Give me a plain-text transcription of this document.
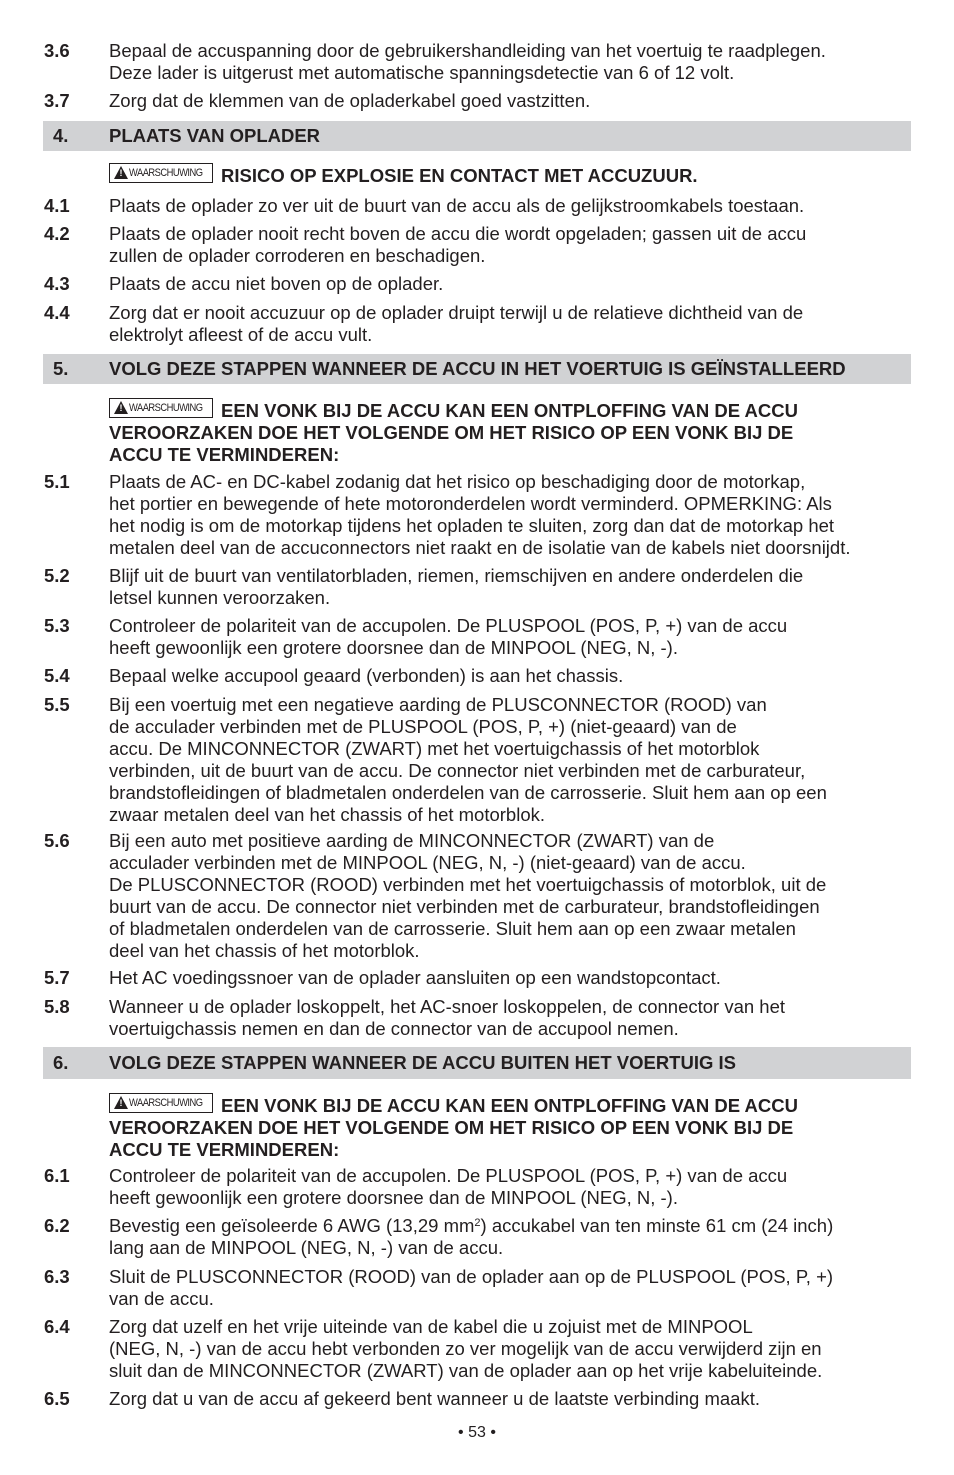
3.6 Bepaal de accuspanning door de gebruikershandleiding van het voertuig te raadplegen.
Deze lader is uitgerust met automatische spanningsdetectie van 6 of 12 volt.
3.7 Zorg dat de klemmen van de opladerkabel goed vastzitten.
4. PLAATS VAN OPLADER
! WAARSCHUWING RISICO OP EXPLOSIE EN CONTACT MET ACCUZUUR.
4.1 Plaats de oplader zo ver uit de buurt van de accu als de gelijkstroomkabels toestaan.
4.2 Plaats de oplader nooit recht boven de accu die wordt opgeladen; gassen uit de accu
zullen de oplader corroderen en beschadigen.
4.3 Plaats de accu niet boven op de oplader.
4.4 Zorg dat er nooit accuzuur op de oplader druipt terwijl u de relatieve dichtheid van de
elektrolyt afleest of de accu vult.
5. VOLG DEZE STAPPEN WANNEER DE ACCU IN HET VOERTUIG IS GEÏNSTALLEERD
! WAARSCHUWING EEN VONK BIJ DE ACCU KAN EEN ONTPLOFFING VAN DE ACCU
VEROORZAKEN DOE HET VOLGENDE OM HET RISICO OP EEN VONK BIJ DE
ACCU TE VERMINDEREN:
5.1 Plaats de AC- en DC-kabel zodanig dat het risico op beschadiging door de motorkap,
het portier en bewegende of hete motoronderdelen wordt verminderd. OPMERKING: Als
het nodig is om de motorkap tijdens het opladen te sluiten, zorg dan dat de motorkap het
metalen deel van de accuconnectors niet raakt en de isolatie van de kabels niet doorsnijdt.
5.2 Blijf uit de buurt van ventilatorbladen, riemen, riemschijven en andere onderdelen die
letsel kunnen veroorzaken.
5.3 Controleer de polariteit van de accupolen. De PLUSPOOL (POS, P, +) van de accu
heeft gewoonlijk een grotere doorsnee dan de MINPOOL (NEG, N, -).
5.4 Bepaal welke accupool geaard (verbonden) is aan het chassis.
5.5 Bij een voertuig met een negatieve aarding de PLUSCONNECTOR (ROOD) van
de acculader verbinden met de PLUSPOOL (POS, P, +) (niet-geaard) van de
accu. De MINCONNECTOR (ZWART) met het voertuigchassis of het motorblok
verbinden, uit de buurt van de accu. De connector niet verbinden met de carburateur,
brandstofleidingen of bladmetalen onderdelen van de carrosserie. Sluit hem aan op een
zwaar metalen deel van het chassis of het motorblok.
5.6 Bij een auto met positieve aarding de MINCONNECTOR (ZWART) van de
acculader verbinden met de MINPOOL (NEG, N, -) (niet-geaard) van de accu.
De PLUSCONNECTOR (ROOD) verbinden met het voertuigchassis of motorblok, uit de
buurt van de accu. De connector niet verbinden met de carburateur, brandstofleidingen
of bladmetalen onderdelen van de carrosserie. Sluit hem aan op een zwaar metalen
deel van het chassis of het motorblok.
5.7 Het AC voedingssnoer van de oplader aansluiten op een wandstopcontact.
5.8 Wanneer u de oplader loskoppelt, het AC-snoer loskoppelen, de connector van het
voertuigchassis nemen en dan de connector van de accupool nemen.
6. VOLG DEZE STAPPEN WANNEER DE ACCU BUITEN HET VOERTUIG IS
! WAARSCHUWING EEN VONK BIJ DE ACCU KAN EEN ONTPLOFFING VAN DE ACCU
VEROORZAKEN DOE HET VOLGENDE OM HET RISICO OP EEN VONK BIJ DE
ACCU TE VERMINDEREN:
6.1 Controleer de polariteit van de accupolen. De PLUSPOOL (POS, P, +) van de accu
heeft gewoonlijk een grotere doorsnee dan de MINPOOL (NEG, N, -).
6.2 Bevestig een geïsoleerde 6 AWG (13,29 $mm^2$) accukabel van ten minste 61 cm (24 inch)
lang aan de MINPOOL (NEG, N, -) van de accu.
6.3 Sluit de PLUSCONNECTOR (ROOD) van de oplader aan op de PLUSPOOL (POS, P, +)
van de accu.
6.4 Zorg dat uzelf en het vrije uiteinde van de kabel die u zojuist met de MINPOOL
(NEG, N, -) van de accu hebt verbonden zo ver mogelijk van de accu verwijderd zijn en
sluit dan de MINCONNECTOR (ZWART) van de oplader aan op het vrije kabeluiteinde.
6.5 Zorg dat u van de accu af gekeerd bent wanneer u de laatste verbinding maakt.
• 53 •
